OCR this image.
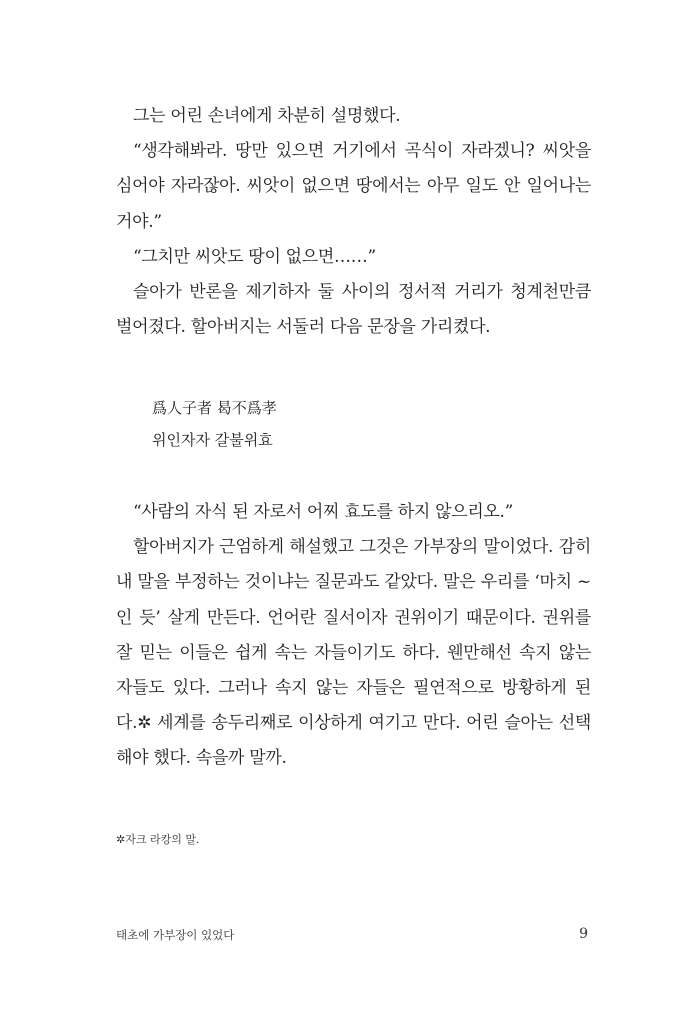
그는 어린 손녀에게 차분히 설명했다.

“생각해봐라. 땅만 있으면 거기에서 곡식이 자라겠니? 씨앗을 심어야 자라잖아. 씨앗이 없으면 땅에서는 아무 일도 안 일어나는 거야.”

“그치만 씨앗도 땅이 없으면……”

슬아가 반론을 제기하자 둘 사이의 정서적 거리가 청계천만큼 벌어졌다. 할아버지는 서둘러 다음 문장을 가리켰다.

爲人子者 曷不爲孝
위인자자 갈불위효

“사람의 자식 된 자로서 어찌 효도를 하지 않으리오.”

할아버지가 근엄하게 해설했고 그것은 가부장의 말이었다. 감히 내 말을 부정하는 것이냐는 질문과도 같았다. 말은 우리를 ‘마치 ~인 듯’ 살게 만든다. 언어란 질서이자 권위이기 때문이다. 권위를 잘 믿는 이들은 쉽게 속는 자들이기도 하다. 웬만해선 속지 않는 자들도 있다. 그러나 속지 않는 자들은 필연적으로 방황하게 된다.✲ 세계를 송두리째로 이상하게 여기고 만다. 어린 슬아는 선택해야 했다. 속을까 말까.

✲자크 라캉의 말.
태초에 가부장이 있었다	9
